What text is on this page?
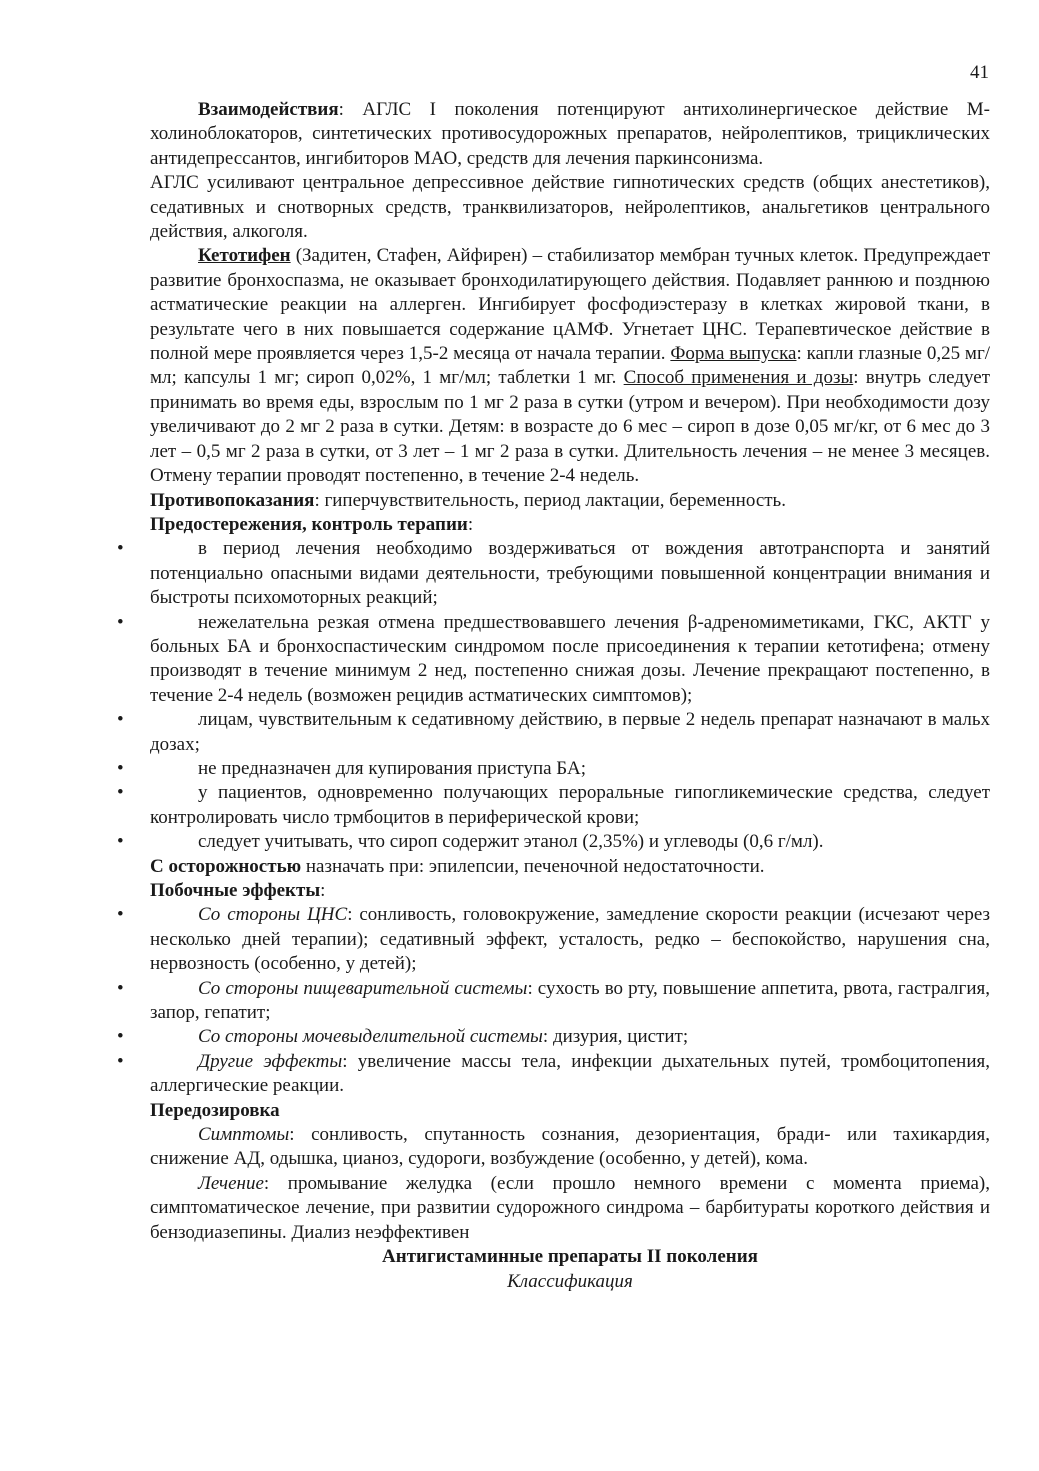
41

Взаимодействия: АГЛС I поколения потенцируют антихолинергическое действие М-холиноблокаторов, синтетических противосудорожных препаратов, нейролептиков, трициклических антидепрессантов, ингибиторов МАО, средств для лечения паркинсонизма.

АГЛС усиливают центральное депрессивное действие гипнотических средств (общих анестетиков), седативных и снотворных средств, транквилизаторов, нейролептиков, анальгетиков центрального действия, алкоголя.

Кетотифен (Задитен, Стафен, Айфирен) – стабилизатор мембран тучных клеток. Предупреждает развитие бронхоспазма, не оказывает бронходилатирующего действия. Подавляет раннюю и позднюю астматические реакции на аллерген. Ингибирует фосфодиэстеразу в клетках жировой ткани, в результате чего в них повышается содержание цАМФ. Угнетает ЦНС. Терапевтическое действие в полной мере проявляется через 1,5-2 месяца от начала терапии. Форма выпуска: капли глазные 0,25 мг/мл; капсулы 1 мг; сироп 0,02%, 1 мг/мл; таблетки 1 мг. Способ применения и дозы: внутрь следует принимать во время еды, взрослым по 1 мг 2 раза в сутки (утром и вечером). При необходимости дозу увеличивают до 2 мг 2 раза в сутки. Детям: в возрасте до 6 мес – сироп в дозе 0,05 мг/кг, от 6 мес до 3 лет – 0,5 мг 2 раза в сутки, от 3 лет – 1 мг 2 раза в сутки. Длительность лечения – не менее 3 месяцев. Отмену терапии проводят постепенно, в течение 2-4 недель.

Противопоказания: гиперчувствительность, период лактации, беременность.

Предостережения, контроль терапии:

• в период лечения необходимо воздерживаться от вождения автотранспорта и занятий потенциально опасными видами деятельности, требующими повышенной концентрации внимания и быстроты психомоторных реакций;
• нежелательна резкая отмена предшествовавшего лечения β-адреномиметиками, ГКС, АКТГ у больных БА и бронхоспастическим синдромом после присоединения к терапии кетотифена; отмену производят в течение минимум 2 нед, постепенно снижая дозы. Лечение прекращают постепенно, в течение 2-4 недель (возможен рецидив астматических симптомов);
• лицам, чувствительным к седативному действию, в первые 2 недель препарат назначают в мальх дозах;
• не предназначен для купирования приступа БА;
• у пациентов, одновременно получающих пероральные гипогликемические средства, следует контролировать число трмбоцитов в периферической крови;
• следует учитывать, что сироп содержит этанол (2,35%) и углеводы (0,6 г/мл).

С осторожностью назначать при: эпилепсии, печеночной недостаточности.

Побочные эффекты:

• Со стороны ЦНС: сонливость, головокружение, замедление скорости реакции (исчезают через несколько дней терапии); седативный эффект, усталость, редко – беспокойство, нарушения сна, нервозность (особенно, у детей);
• Со стороны пищеварительной системы: сухость во рту, повышение аппетита, рвота, гастралгия, запор, гепатит;
• Со стороны мочевыделительной системы: дизурия, цистит;
• Другие эффекты: увеличение массы тела, инфекции дыхательных путей, тромбоцитопения, аллергические реакции.

Передозировка

Симптомы: сонливость, спутанность сознания, дезориентация, бради- или тахикардия, снижение АД, одышка, цианоз, судороги, возбуждение (особенно, у детей), кома.

Лечение: промывание желудка (если прошло немного времени с момента приема), симптоматическое лечение, при развитии судорожного синдрома – барбитураты короткого действия и бензодиазепины. Диализ неэффективен

Антигистаминные препараты II поколения

Классификация
